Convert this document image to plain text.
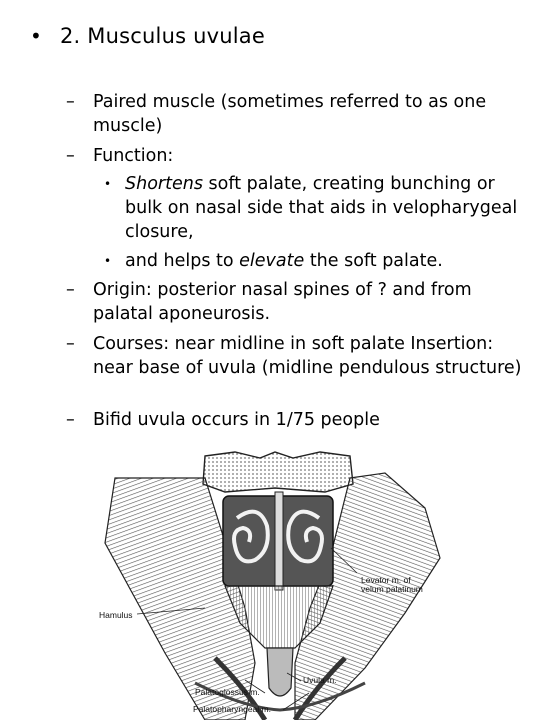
• 2. Musculus uvulae
–	Paired muscle (sometimes referred to as one muscle)
–	Function:
• Shortens soft palate, creating bunching or bulk on nasal side that aids in velopharygeal closure,
• and helps to elevate the soft palate.
–	Origin: posterior nasal spines of ? and from palatal aponeurosis.
–	Courses: near midline in soft palate Insertion: near base of uvula (midline pendulous structure)
–	Bifid uvula occurs in 1/75 people
Hamulus
Levator m. of
velum palatinum
Uvula m.
Palatoglossus m.
Palatopharyngeal m.
